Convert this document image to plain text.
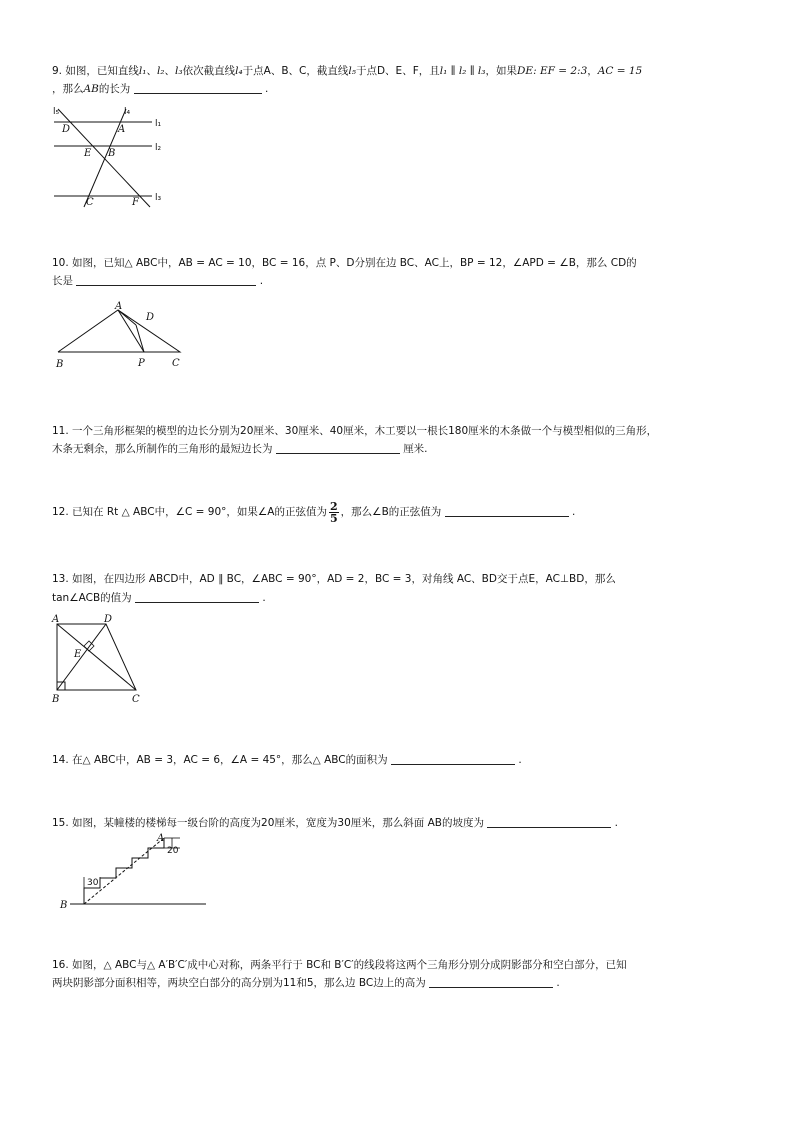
9. 如图，已知直线l₁、l₂、l₃依次截直线l₄于点A、B、C，截直线l₅于点D、E、F，且l₁ ∥ l₂ ∥ l₃，如果DE: EF = 2:3，AC = 15
，那么AB的长为	.
l₅	l₄
l₁
l₂
l₃
D	A
E B
C	F
10. 如图，已知△ ABC中，AB = AC = 10，BC = 16，点 P、D分别在边 BC、AC上，BP = 12，∠APD = ∠B，那么 CD的
长是	.
A
D
B	P	C
11. 一个三角形框架的模型的边长分别为20厘米、30厘米、40厘米，木工要以一根长180厘米的木条做一个与模型相似的三角形，
木条无剩余，那么所制作的三角形的最短边长为	厘米.
12. 已知在 Rt △ ABC中，∠C = 90°，如果∠A的正弦值为 $\frac{2}{5}$ ，那么∠B的正弦值为	.
13. 如图，在四边形 ABCD中，AD ∥ BC，∠ABC = 90°，AD = 2，BC = 3，对角线 AC、BD交于点E，AC⊥BD，那么
tan∠ACB的值为	.
A	D
E
B	C
14. 在△ ABC中，AB = 3，AC = 6，∠A = 45°，那么△ ABC的面积为	.
15. 如图，某幢楼的楼梯每一级台阶的高度为20厘米，宽度为30厘米，那么斜面 AB的坡度为	.
30
20
A
B
16. 如图，△ ABC与△ A′B′C′成中心对称，两条平行于 BC和 B′C′的线段将这两个三角形分别分成阴影部分和空白部分，已知
两块阴影部分面积相等，两块空白部分的高分别为11和5，那么边 BC边上的高为	.
